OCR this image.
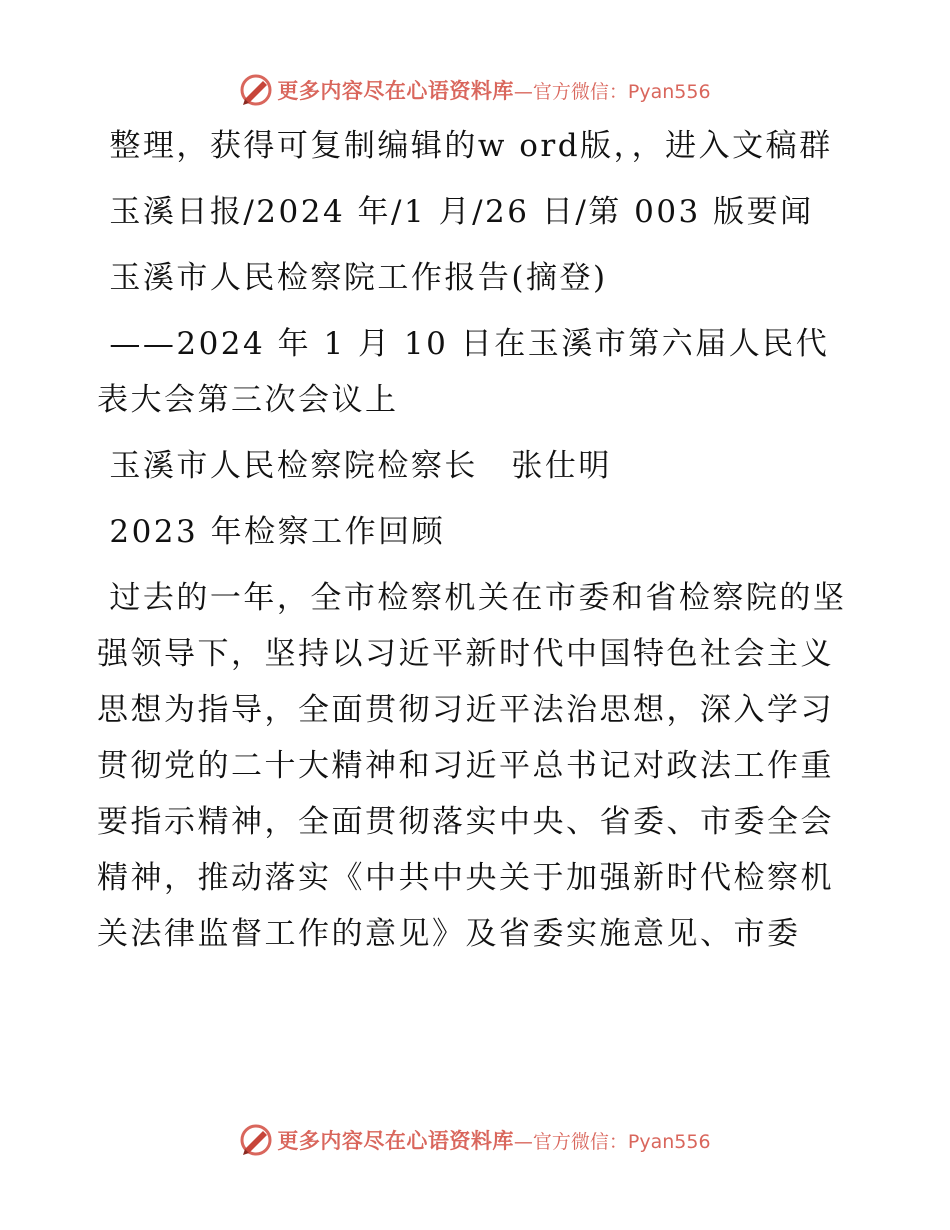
更多内容尽在心语资料库 —官方微信：Pyan556

整理，获得可复制编辑的w ord版，，进入文稿群

玉溪日报/2024 年/1 月/26 日/第 003 版要闻

玉溪市人民检察院工作报告(摘登)

——2024 年 1 月 10 日在玉溪市第六届人民代表大会第三次会议上

玉溪市人民检察院检察长　张仕明

2023 年检察工作回顾

过去的一年，全市检察机关在市委和省检察院的坚强领导下，坚持以习近平新时代中国特色社会主义思想为指导，全面贯彻习近平法治思想，深入学习贯彻党的二十大精神和习近平总书记对政法工作重要指示精神，全面贯彻落实中央、省委、市委全会精神，推动落实《中共中央关于加强新时代检察机关法律监督工作的意见》及省委实施意见、市委

更多内容尽在心语资料库 —官方微信：Pyan556
